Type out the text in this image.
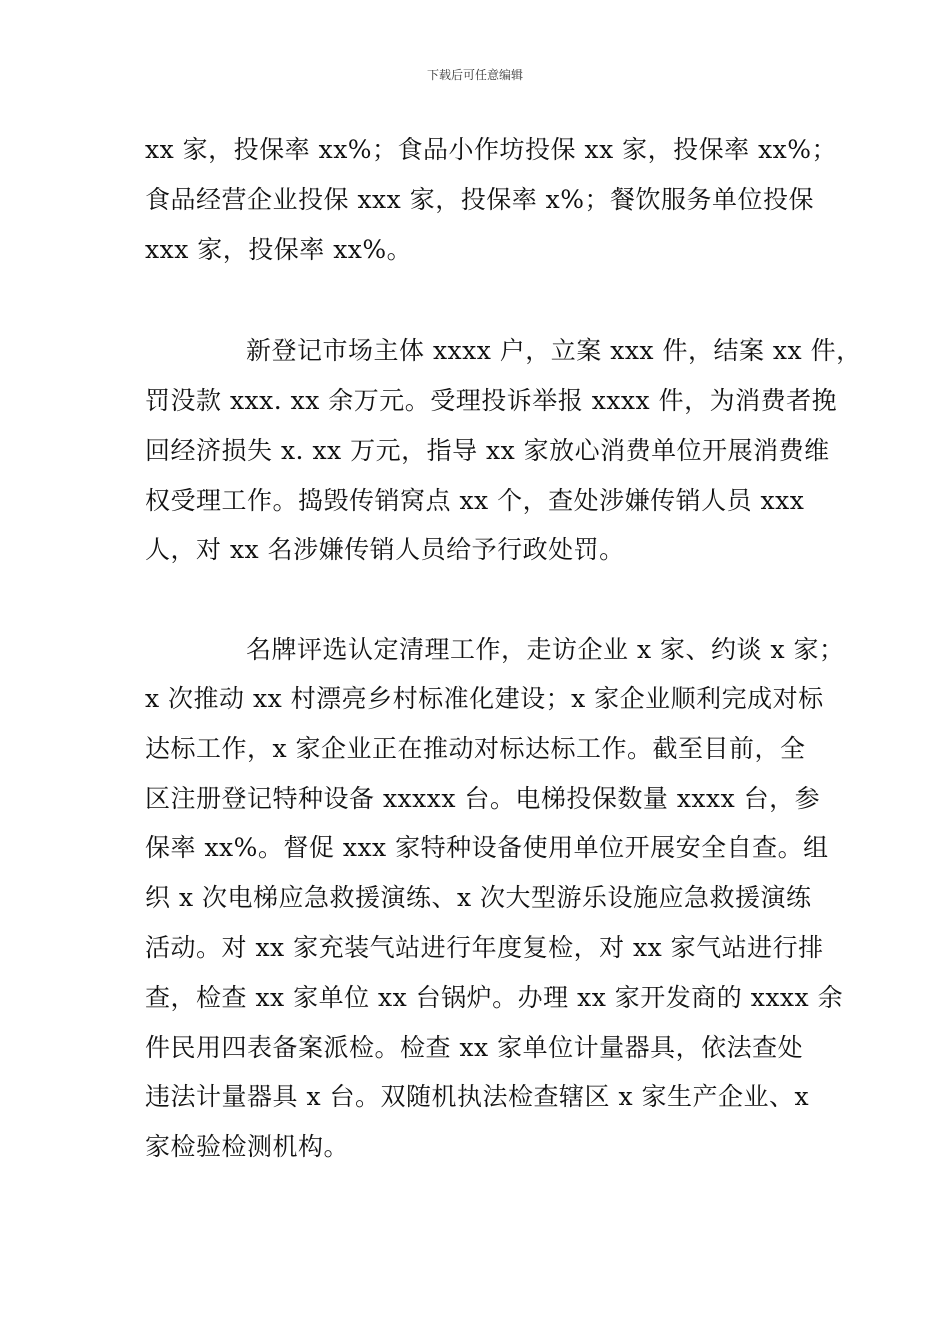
下载后可任意编辑
xx 家，投保率 xx%；食品小作坊投保 xx 家，投保率 xx%；
食品经营企业投保 xxx 家，投保率 x%；餐饮服务单位投保
xxx 家，投保率 xx%。
新登记市场主体 xxxx 户，立案 xxx 件，结案 xx 件，
罚没款 xxx. xx 余万元。受理投诉举报 xxxx 件，为消费者挽
回经济损失 x. xx 万元，指导 xx 家放心消费单位开展消费维
权受理工作。捣毁传销窝点 xx 个，查处涉嫌传销人员 xxx
人，对 xx 名涉嫌传销人员给予行政处罚。
名牌评选认定清理工作，走访企业 x 家、约谈 x 家；
x 次推动 xx 村漂亮乡村标准化建设；x 家企业顺利完成对标
达标工作，x 家企业正在推动对标达标工作。截至目前，全
区注册登记特种设备 xxxxx 台。电梯投保数量 xxxx 台，参
保率 xx%。督促 xxx 家特种设备使用单位开展安全自查。组
织 x 次电梯应急救援演练、x 次大型游乐设施应急救援演练
活动。对 xx 家充装气站进行年度复检，对 xx 家气站进行排
查，检查 xx 家单位 xx 台锅炉。办理 xx 家开发商的 xxxx 余
件民用四表备案派检。检查 xx 家单位计量器具，依法查处
违法计量器具 x 台。双随机执法检查辖区 x 家生产企业、x
家检验检测机构。
